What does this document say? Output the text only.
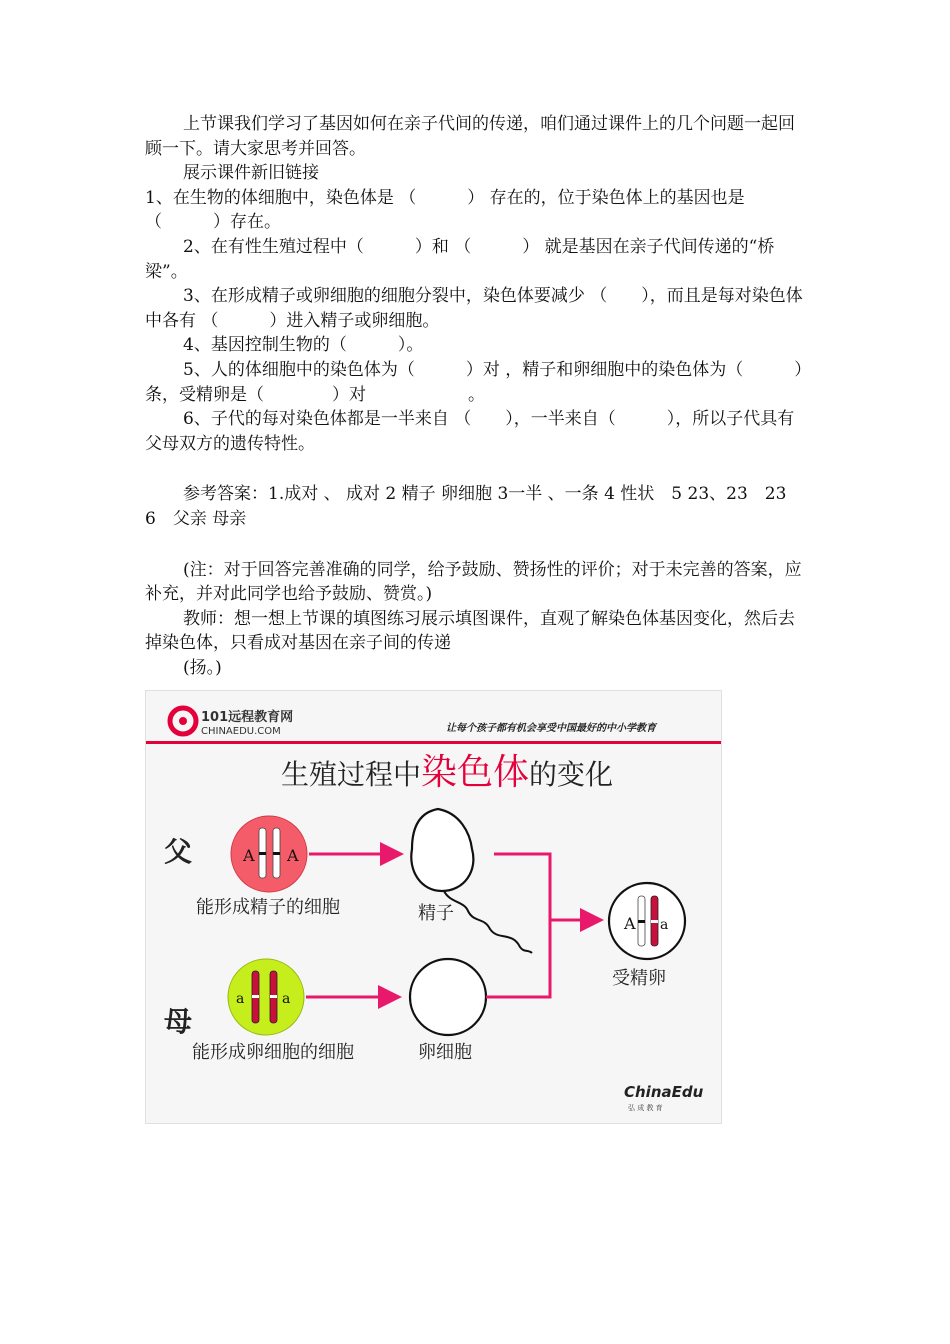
上节课我们学习了基因如何在亲子代间的传递，咱们通过课件上的几个问题一起回顾一下。请大家思考并回答。

展示课件新旧链接

1、在生物的体细胞中，染色体是 （　　　） 存在的，位于染色体上的基因也是（　　　）存在。

2、在有性生殖过程中（　　　）和 （　　　） 就是基因在亲子代间传递的“桥梁”。

3、在形成精子或卵细胞的细胞分裂中，染色体要减少 （　　），而且是每对染色体中各有 （　　　）进入精子或卵细胞。

4、基因控制生物的（　　　）。

5、人的体细胞中的染色体为（　　　）对 ，精子和卵细胞中的染色体为（　　　）条，受精卵是（　　　　）对　　　　　　。

6、子代的每对染色体都是一半来自 （　　），一半来自（　　　），所以子代具有父母双方的遗传特性。

参考答案：1.成对 、 成对 2 精子 卵细胞 3一半 、一条 4 性状　5 23、23　23　6　父亲 母亲

(注：对于回答完善准确的同学，给予鼓励、赞扬性的评价；对于未完善的答案，应补充，并对此同学也给予鼓励、赞赏。)

教师：想一想上节课的填图练习展示填图课件，直观了解染色体基因变化，然后去掉染色体，只看成对基因在亲子间的传递

(扬。)

101远程教育网
CHINAEDU.COM	让每个孩子都有机会享受中国最好的中小学教育
生殖过程中染色体的变化
父
母
A A
能形成精子的细胞	精子
a	a
能形成卵细胞的细胞	卵细胞
A a
受精卵
ChinaEdu
弘 成 教 育
